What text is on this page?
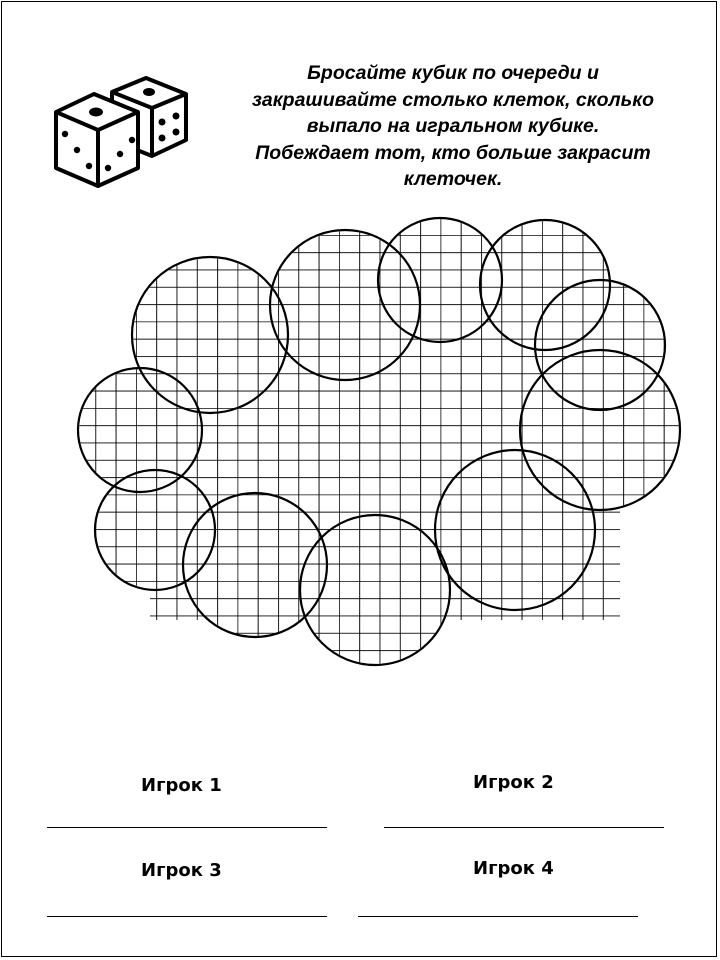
Бросайте кубик по очереди и
закрашивайте столько клеток, сколько
выпало на игральном кубике.
Побеждает тот, кто больше закрасит
клеточек.
Игрок 1	Игрок 2
Игрок 3	Игрок 4
